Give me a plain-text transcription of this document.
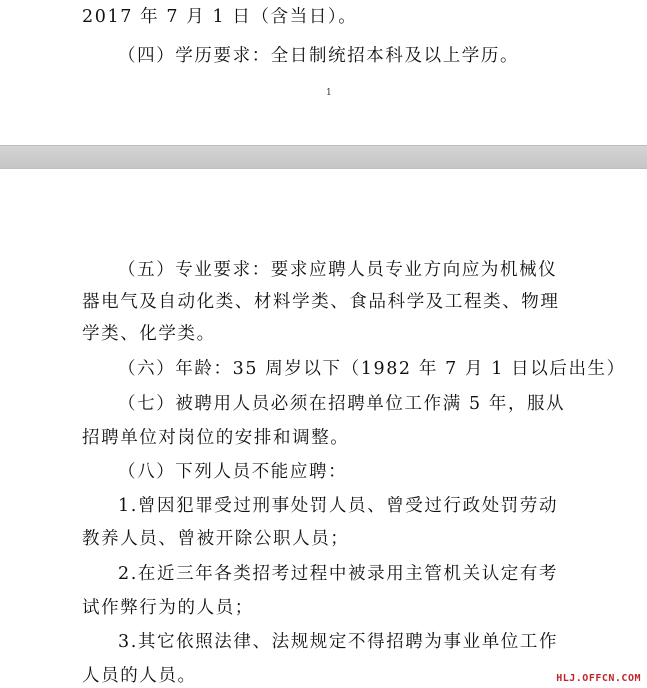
2017 年 7 月 1 日（含当日）。
（四）学历要求：全日制统招本科及以上学历。
1
（五）专业要求：要求应聘人员专业方向应为机械仪
器电气及自动化类、材料学类、食品科学及工程类、物理
学类、化学类。
（六）年龄：35 周岁以下（1982 年 7 月 1 日以后出生）
（七）被聘用人员必须在招聘单位工作满 5 年，服从
招聘单位对岗位的安排和调整。
（八）下列人员不能应聘：
1.曾因犯罪受过刑事处罚人员、曾受过行政处罚劳动
教养人员、曾被开除公职人员；
2.在近三年各类招考过程中被录用主管机关认定有考
试作弊行为的人员；
3.其它依照法律、法规规定不得招聘为事业单位工作
人员的人员。	HLJ.OFFCN.COM
